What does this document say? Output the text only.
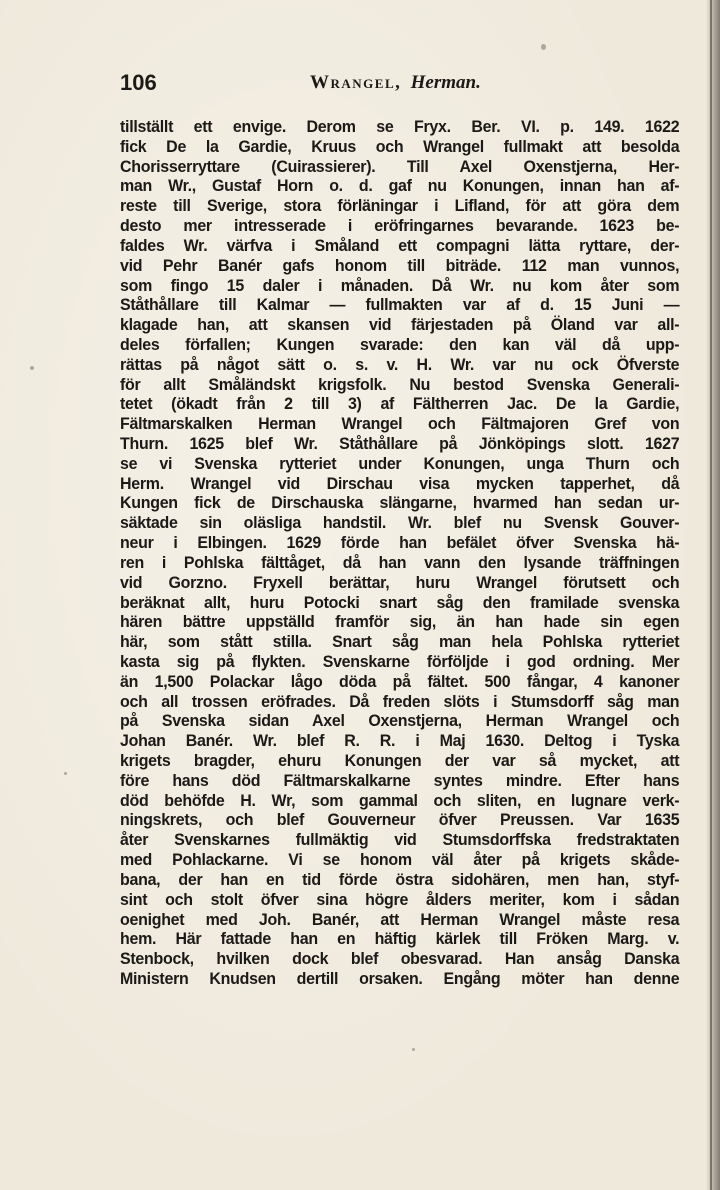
106	Wrangel, Herman.
tillställt ett envige. Derom se Fryx. Ber. VI. p. 149. 1622
fick De la Gardie, Kruus och Wrangel fullmakt att besolda
Chorisserryttare (Cuirassierer). Till Axel Oxenstjerna, Her-
man Wr., Gustaf Horn o. d. gaf nu Konungen, innan han af-
reste till Sverige, stora förläningar i Lifland, för att göra dem
desto mer intresserade i eröfringarnes bevarande. 1623 be-
faldes Wr. värfva i Småland ett compagni lätta ryttare, der-
vid Pehr Banér gafs honom till biträde. 112 man vunnos,
som fingo 15 daler i månaden. Då Wr. nu kom åter som
Ståthållare till Kalmar — fullmakten var af d. 15 Juni —
klagade han, att skansen vid färjestaden på Öland var all-
deles förfallen; Kungen svarade: den kan väl då upp-
rättas på något sätt o. s. v. H. Wr. var nu ock Öfverste
för allt Småländskt krigsfolk. Nu bestod Svenska Generali-
tetet (ökadt från 2 till 3) af Fältherren Jac. De la Gardie,
Fältmarskalken Herman Wrangel och Fältmajoren Gref von
Thurn. 1625 blef Wr. Ståthållare på Jönköpings slott. 1627
se vi Svenska rytteriet under Konungen, unga Thurn och
Herm. Wrangel vid Dirschau visa mycken tapperhet, då
Kungen fick de Dirschauska slängarne, hvarmed han sedan ur-
säktade sin oläsliga handstil. Wr. blef nu Svensk Gouver-
neur i Elbingen. 1629 förde han befälet öfver Svenska hä-
ren i Pohlska fälttåget, då han vann den lysande träffningen
vid Gorzno. Fryxell berättar, huru Wrangel förutsett och
beräknat allt, huru Potocki snart såg den framilade svenska
hären bättre uppställd framför sig, än han hade sin egen
här, som stått stilla. Snart såg man hela Pohlska rytteriet
kasta sig på flykten. Svenskarne förföljde i god ordning. Mer
än 1,500 Polackar lågo döda på fältet. 500 fångar, 4 kanoner
och all trossen eröfrades. Då freden slöts i Stumsdorff såg man
på Svenska sidan Axel Oxenstjerna, Herman Wrangel och
Johan Banér. Wr. blef R. R. i Maj 1630. Deltog i Tyska
krigets bragder, ehuru Konungen der var så mycket, att
före hans död Fältmarskalkarne syntes mindre. Efter hans
död behöfde H. Wr, som gammal och sliten, en lugnare verk-
ningskrets, och blef Gouverneur öfver Preussen. Var 1635
åter Svenskarnes fullmäktig vid Stumsdorffska fredstraktaten
med Pohlackarne. Vi se honom väl åter på krigets skåde-
bana, der han en tid förde östra sidohären, men han, styf-
sint och stolt öfver sina högre ålders meriter, kom i sådan
oenighet med Joh. Banér, att Herman Wrangel måste resa
hem. Här fattade han en häftig kärlek till Fröken Marg. v.
Stenbock, hvilken dock blef obesvarad. Han ansåg Danska
Ministern Knudsen dertill orsaken. Engång möter han denne
